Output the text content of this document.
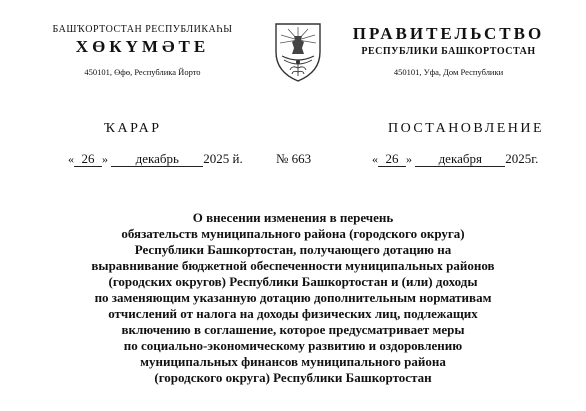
БАШҠОРТОСТАН РЕСПУБЛИКАҺЫ
ХӨКҮМӘТЕ
450101, Өфө, Республика Йорто
ПРАВИТЕЛЬСТВО
РЕСПУБЛИКИ БАШКОРТОСТАН
450101, Уфа, Дом Республики
ҠАРАР	ПОСТАНОВЛЕНИЕ
« 26 » декабрь 2025 й.	№ 663	« 26 » декабря 2025г.
О внесении изменения в перечень
обязательств муниципального района (городского округа)
Республики Башкортостан, получающего дотацию на
выравнивание бюджетной обеспеченности муниципальных районов
(городских округов) Республики Башкортостан и (или) доходы
по заменяющим указанную дотацию дополнительным нормативам
отчислений от налога на доходы физических лиц, подлежащих
включению в соглашение, которое предусматривает меры
по социально-экономическому развитию и оздоровлению
муниципальных финансов муниципального района
(городского округа) Республики Башкортостан
